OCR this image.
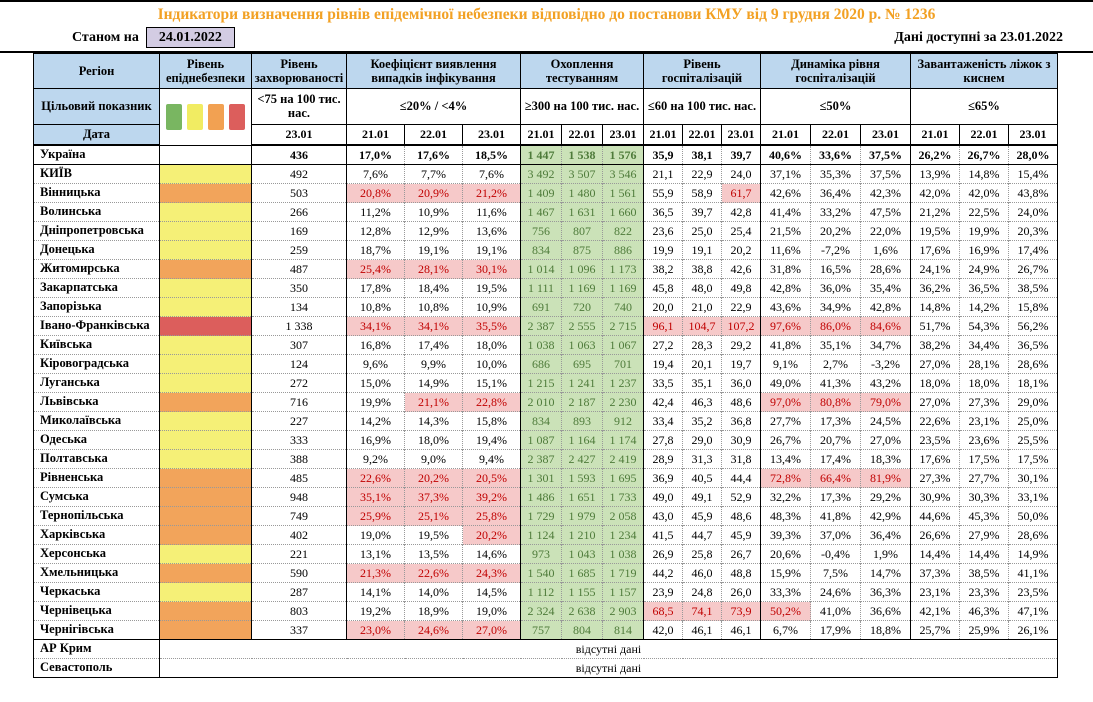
Індикатори визначення рівнів епідемічної небезпеки відповідно до постанови КМУ від 9 грудня 2020 р. № 1236
Станом на	24.01.2022	Дані доступні за 23.01.2022
Регіон	Рівень епіднебезпеки	Рівень захворюваності	Коефіцієнт виявлення випадків інфікування			Охоплення тестуванням			Рівень госпіталізацій			Динаміка рівня госпіталізацій			Завантаженість ліжок з киснем		
Цільовий показник		<75 на 100 тис. нас.	≤20% / <4%			≥300 на 100 тис. нас.			≤60 на 100 тис. нас.			≤50%			≤65%		
Дата		23.01	21.01	22.01	23.01	21.01	22.01	23.01	21.01	22.01	23.01	21.01	22.01	23.01	21.01	22.01	23.01
Україна		436	17,0%	17,6%	18,5%	1 447	1 538	1 576	35,9	38,1	39,7	40,6%	33,6%	37,5%	26,2%	26,7%	28,0%
КИЇВ		492	7,6%	7,7%	7,6%	3 492	3 507	3 546	21,1	22,9	24,0	37,1%	35,3%	37,5%	13,9%	14,8%	15,4%
Вінницька		503	20,8%	20,9%	21,2%	1 409	1 480	1 561	55,9	58,9	61,7	42,6%	36,4%	42,3%	42,0%	42,0%	43,8%
Волинська		266	11,2%	10,9%	11,6%	1 467	1 631	1 660	36,5	39,7	42,8	41,4%	33,2%	47,5%	21,2%	22,5%	24,0%
Дніпропетровська		169	12,8%	12,9%	13,6%	756	807	822	23,6	25,0	25,4	21,5%	20,2%	22,0%	19,5%	19,9%	20,3%
Донецька		259	18,7%	19,1%	19,1%	834	875	886	19,9	19,1	20,2	11,6%	-7,2%	1,6%	17,6%	16,9%	17,4%
Житомирська		487	25,4%	28,1%	30,1%	1 014	1 096	1 173	38,2	38,8	42,6	31,8%	16,5%	28,6%	24,1%	24,9%	26,7%
Закарпатська		350	17,8%	18,4%	19,5%	1 111	1 169	1 169	45,8	48,0	49,8	42,8%	36,0%	35,4%	36,2%	36,5%	38,5%
Запорізька		134	10,8%	10,8%	10,9%	691	720	740	20,0	21,0	22,9	43,6%	34,9%	42,8%	14,8%	14,2%	15,8%
Івано-Франківська		1 338	34,1%	34,1%	35,5%	2 387	2 555	2 715	96,1	104,7	107,2	97,6%	86,0%	84,6%	51,7%	54,3%	56,2%
Київська		307	16,8%	17,4%	18,0%	1 038	1 063	1 067	27,2	28,3	29,2	41,8%	35,1%	34,7%	38,2%	34,4%	36,5%
Кіровоградська		124	9,6%	9,9%	10,0%	686	695	701	19,4	20,1	19,7	9,1%	2,7%	-3,2%	27,0%	28,1%	28,6%
Луганська		272	15,0%	14,9%	15,1%	1 215	1 241	1 237	33,5	35,1	36,0	49,0%	41,3%	43,2%	18,0%	18,0%	18,1%
Львівська		716	19,9%	21,1%	22,8%	2 010	2 187	2 230	42,4	46,3	48,6	97,0%	80,8%	79,0%	27,0%	27,3%	29,0%
Миколаївська		227	14,2%	14,3%	15,8%	834	893	912	33,4	35,2	36,8	27,7%	17,3%	24,5%	22,6%	23,1%	25,0%
Одеська		333	16,9%	18,0%	19,4%	1 087	1 164	1 174	27,8	29,0	30,9	26,7%	20,7%	27,0%	23,5%	23,6%	25,5%
Полтавська		388	9,2%	9,0%	9,4%	2 387	2 427	2 419	28,9	31,3	31,8	13,4%	17,4%	18,3%	17,6%	17,5%	17,5%
Рівненська		485	22,6%	20,2%	20,5%	1 301	1 593	1 695	36,9	40,5	44,4	72,8%	66,4%	81,9%	27,3%	27,7%	30,1%
Сумська		948	35,1%	37,3%	39,2%	1 486	1 651	1 733	49,0	49,1	52,9	32,2%	17,3%	29,2%	30,9%	30,3%	33,1%
Тернопільська		749	25,9%	25,1%	25,8%	1 729	1 979	2 058	43,0	45,9	48,6	48,3%	41,8%	42,9%	44,6%	45,3%	50,0%
Харківська		402	19,0%	19,5%	20,2%	1 124	1 210	1 234	41,5	44,7	45,9	39,3%	37,0%	36,4%	26,6%	27,9%	28,6%
Херсонська		221	13,1%	13,5%	14,6%	973	1 043	1 038	26,9	25,8	26,7	20,6%	-0,4%	1,9%	14,4%	14,4%	14,9%
Хмельницька		590	21,3%	22,6%	24,3%	1 540	1 685	1 719	44,2	46,0	48,8	15,9%	7,5%	14,7%	37,3%	38,5%	41,1%
Черкаська		287	14,1%	14,0%	14,5%	1 112	1 155	1 157	23,9	24,8	26,0	33,3%	24,6%	36,3%	23,1%	23,3%	23,5%
Чернівецька		803	19,2%	18,9%	19,0%	2 324	2 638	2 903	68,5	74,1	73,9	50,2%	41,0%	36,6%	42,1%	46,3%	47,1%
Чернігівська		337	23,0%	24,6%	27,0%	757	804	814	42,0	46,1	46,1	6,7%	17,9%	18,8%	25,7%	25,9%	26,1%
АР Крим	відсутні дані																
Севастополь	відсутні дані																
